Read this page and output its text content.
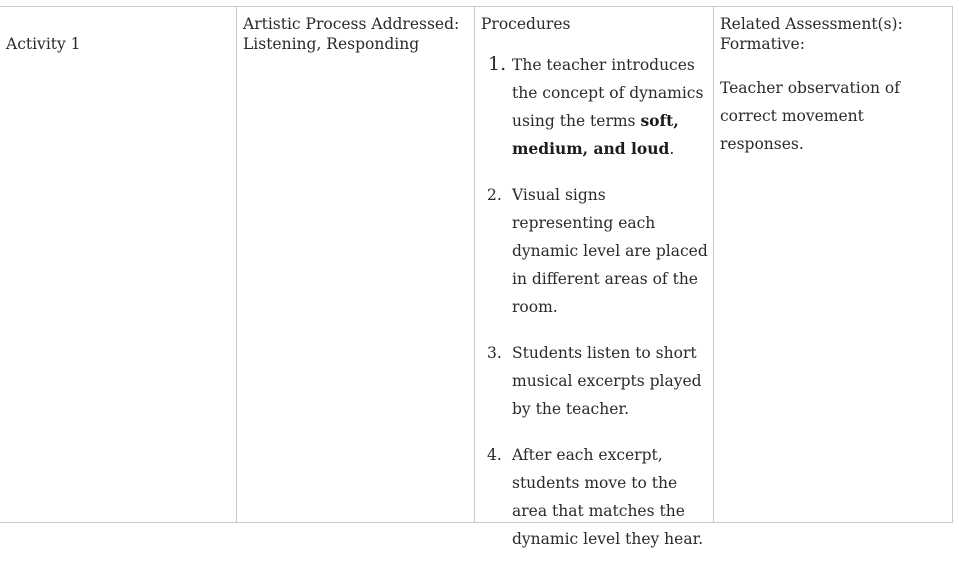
Activity 1
Artistic Process Addressed:
Listening, Responding
Procedures
1. The teacher introduces the concept of dynamics using the terms soft, medium, and loud.
2. Visual signs representing each dynamic level are placed in different areas of the room.
3. Students listen to short musical excerpts played by the teacher.
4. After each excerpt, students move to the area that matches the dynamic level they hear.
Related Assessment(s):
Formative:
Teacher observation of correct movement responses.
